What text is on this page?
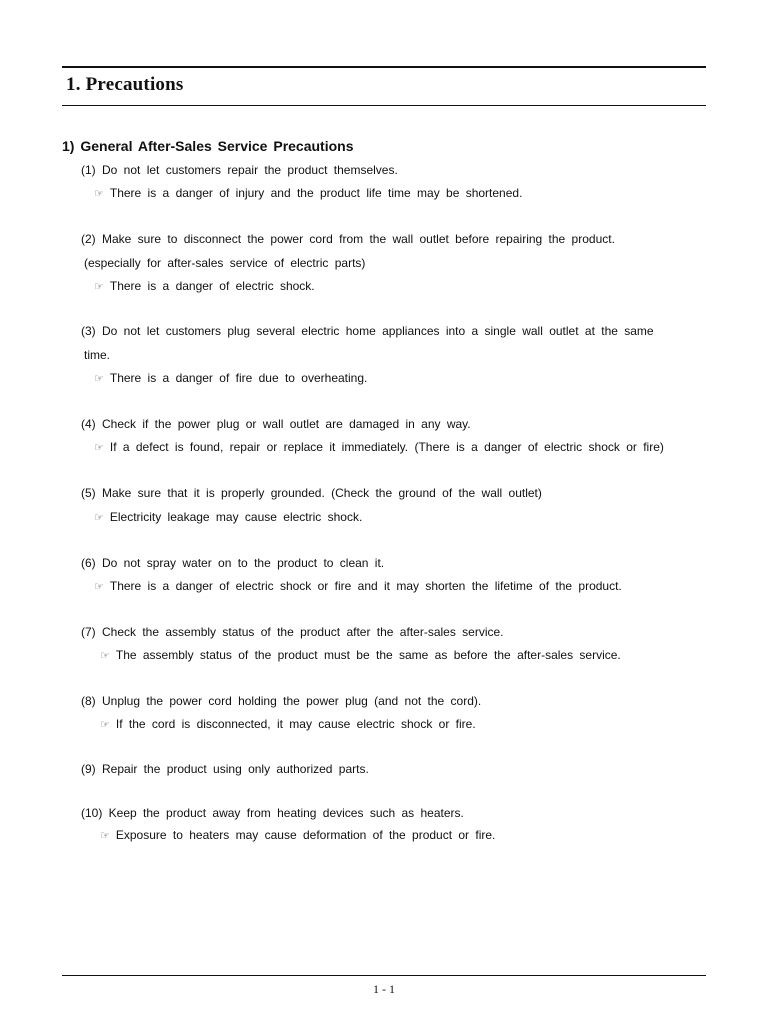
1. Precautions
1) General After-Sales Service Precautions
(1) Do not let customers repair the product themselves.
☞ There is a danger of injury and the product life time may be shortened.
(2) Make sure to disconnect the power cord from the wall outlet before repairing the product.
(especially for after-sales service of electric parts)
☞ There is a danger of electric shock.
(3) Do not let customers plug several electric home appliances into a single wall outlet at the same
time.
☞ There is a danger of fire due to overheating.
(4) Check if the power plug or wall outlet are damaged in any way.
☞ If a defect is found, repair or replace it immediately. (There is a danger of electric shock or fire)
(5) Make sure that it is properly grounded. (Check the ground of the wall outlet)
☞ Electricity leakage may cause electric shock.
(6) Do not spray water on to the product to clean it.
☞ There is a danger of electric shock or fire and it may shorten the lifetime of the product.
(7) Check the assembly status of the product after the after-sales service.
☞ The assembly status of the product must be the same as before the after-sales service.
(8) Unplug the power cord holding the power plug (and not the cord).
☞ If the cord is disconnected, it may cause electric shock or fire.
(9) Repair the product using only authorized parts.
(10) Keep the product away from heating devices such as heaters.
☞ Exposure to heaters may cause deformation of the product or fire.
1 - 1
